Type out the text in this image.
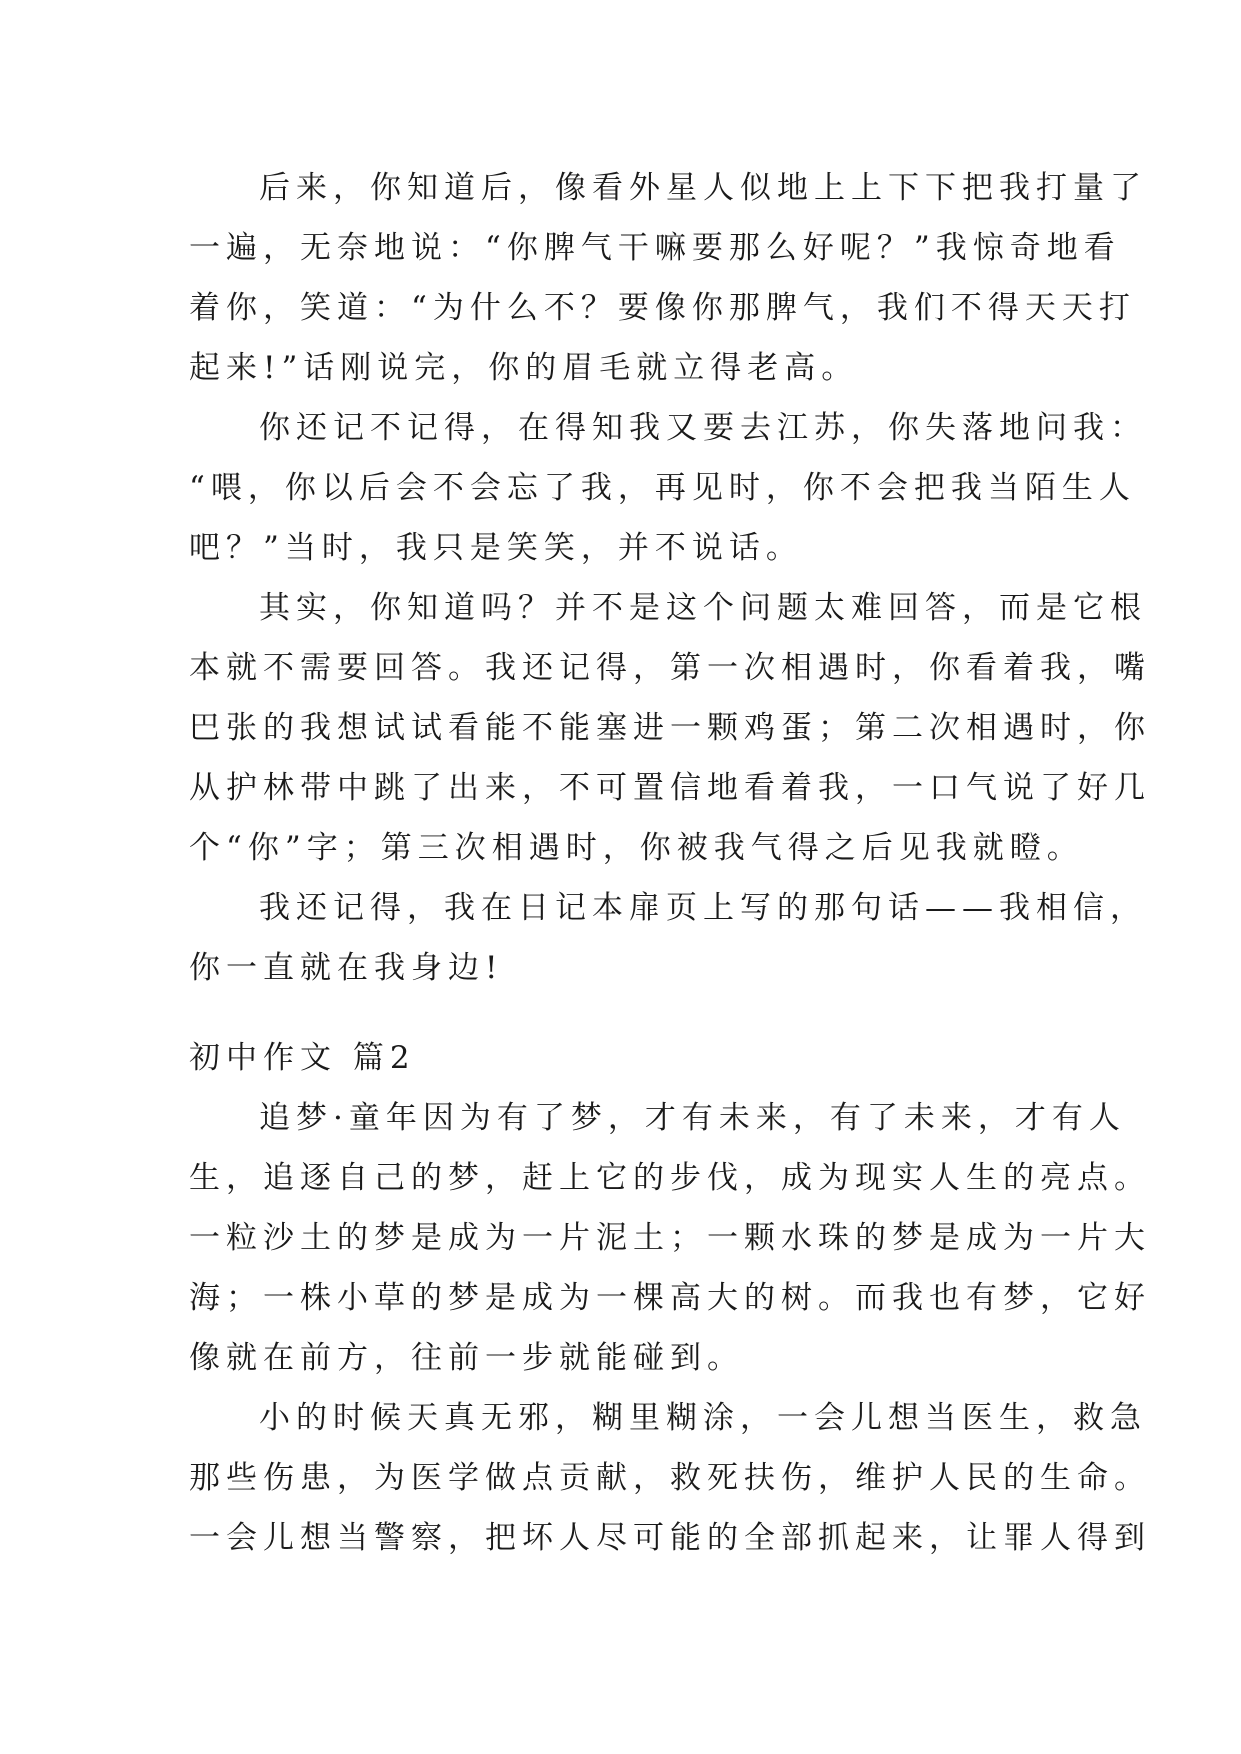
后来，你知道后，像看外星人似地上上下下把我打量了
一遍，无奈地说：“你脾气干嘛要那么好呢？”我惊奇地看
着你，笑道：“为什么不？要像你那脾气，我们不得天天打
起来!”话刚说完，你的眉毛就立得老高。
你还记不记得，在得知我又要去江苏，你失落地问我：
“喂，你以后会不会忘了我，再见时，你不会把我当陌生人
吧？”当时，我只是笑笑，并不说话。
其实，你知道吗？并不是这个问题太难回答，而是它根
本就不需要回答。我还记得，第一次相遇时，你看着我，嘴
巴张的我想试试看能不能塞进一颗鸡蛋；第二次相遇时，你
从护林带中跳了出来，不可置信地看着我，一口气说了好几
个“你”字；第三次相遇时，你被我气得之后见我就瞪。
我还记得，我在日记本扉页上写的那句话——我相信，
你一直就在我身边!
初中作文 篇2
追梦·童年因为有了梦，才有未来，有了未来，才有人
生，追逐自己的梦，赶上它的步伐，成为现实人生的亮点。
一粒沙土的梦是成为一片泥土；一颗水珠的梦是成为一片大
海；一株小草的梦是成为一棵高大的树。而我也有梦，它好
像就在前方，往前一步就能碰到。
小的时候天真无邪，糊里糊涂，一会儿想当医生，救急
那些伤患，为医学做点贡献，救死扶伤，维护人民的生命。
一会儿想当警察，把坏人尽可能的全部抓起来，让罪人得到
